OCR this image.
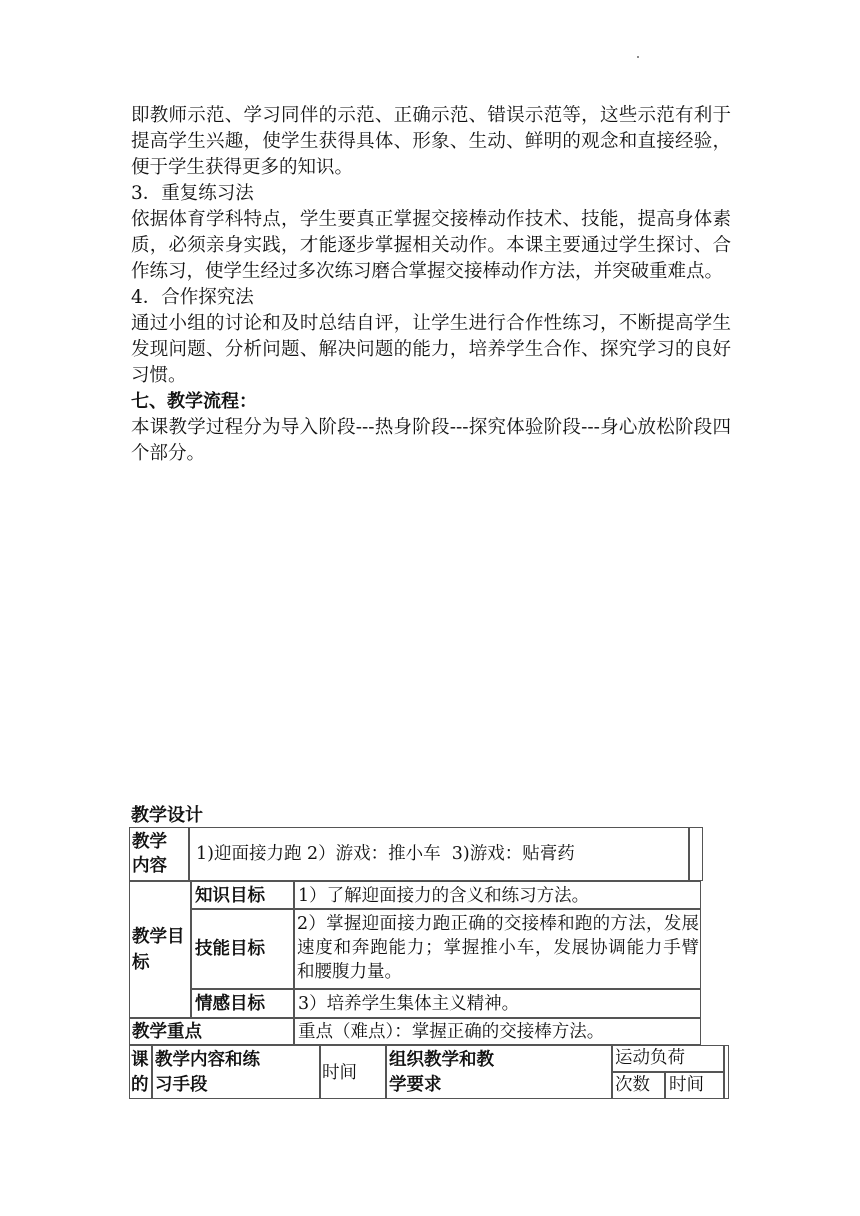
即教师示范、学习同伴的示范、正确示范、错误示范等，这些示范有利于提高学生兴趣，使学生获得具体、形象、生动、鲜明的观念和直接经验，便于学生获得更多的知识。

3．重复练习法

依据体育学科特点，学生要真正掌握交接棒动作技术、技能，提高身体素质，必须亲身实践，才能逐步掌握相关动作。本课主要通过学生探讨、合作练习，使学生经过多次练习磨合掌握交接棒动作方法，并突破重难点。

4．合作探究法

通过小组的讨论和及时总结自评，让学生进行合作性练习，不断提高学生发现问题、分析问题、解决问题的能力，培养学生合作、探究学习的良好习惯。

七、教学流程：

本课教学过程分为导入阶段---热身阶段---探究体验阶段---身心放松阶段四个部分。

教学设计
教学内容
1)迎面接力跑 2）游戏：推小车  3)游戏：贴膏药
教学目标
知识目标 1）了解迎面接力的含义和练习方法。
技能目标
2）掌握迎面接力跑正确的交接棒和跑的方法，发展速度和奔跑能力；掌握推小车，发展协调能力手臂和腰腹力量。
情感目标 3）培养学生集体主义精神。
教学重点	重点（难点）：掌握正确的交接棒方法。
课的
教学内容和练习手段
时间
组织教学和教学要求
运动负荷
次数 时间
